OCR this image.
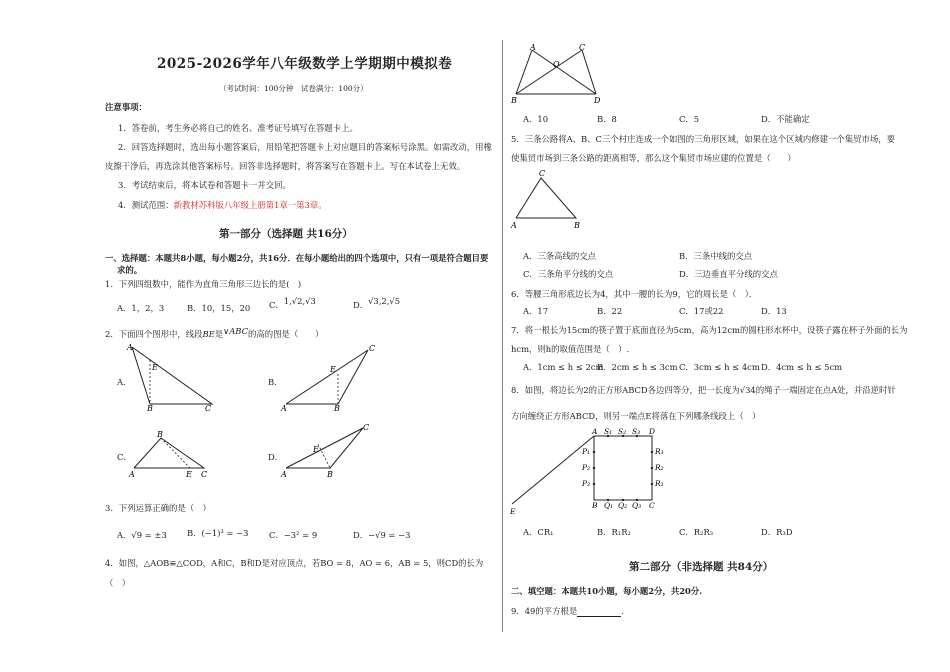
2025-2026学年八年级数学上学期期中模拟卷
（考试时间：100分钟　试卷满分：100分）
注意事项：
1．答卷前，考生务必将自己的姓名、准考证号填写在答题卡上。
2．回答选择题时，选出每小题答案后，用铅笔把答题卡上对应题目的答案标号涂黑。如需改动，用橡
皮擦干净后，再选涂其他答案标号。回答非选择题时，将答案写在答题卡上。写在本试卷上无效。
3．考试结束后，将本试卷和答题卡一并交回。
4．测试范围：新教材苏科版八年级上册第1章一第3章。
第一部分（选择题 共16分）
一、选择题：本题共8小题，每小题2分，共16分．在每小题给出的四个选项中，只有一项是符合题目要
求的。
1．下列四组数中，能作为直角三角形三边长的是(　)
A．1，2，3	B．10，15，20 C．1,√2,√3	D．√3,2,√5
2．下面四个图形中，线段BE是∨ABC的高的图是（　　）
A．
A
E
B	C
B．
A
E
B
C
C．
A
B
E C
D．
A
E
B
C
3．下列运算正确的是（　）
A．√9 = ±3 B．(−1)³ = −3 C．−3² = 9	D．−√9 = −3
4．如图，△AOB≌△COD，A和C，B和D是对应顶点，若BO = 8，AO = 6，AB = 5，则CD的长为
（　）
A	C
O
B	D
A．10	B．8	C．5	D．不能确定
5．三条公路将A、B、C三个村庄连成一个如图的三角形区域，如果在这个区域内修建一个集贸市场，要
使集贸市场到三条公路的距离相等，那么这个集贸市场应建的位置是（　　）
C
A	B
A．三条高线的交点	B．三条中线的交点
C．三条角平分线的交点	D．三边垂直平分线的交点
6．等腰三角形底边长为4，其中一腰的长为9，它的周长是（　）．
A．17	B．22	C．17或22	D．13
7．将一根长为15cm的筷子置于底面直径为5cm，高为12cm的圆柱形水杯中，设筷子露在杯子外面的长为
hcm，则h的取值范围是（　）.
A．1cm ≤ h ≤ 2cm
B．2cm ≤ h ≤ 3cm C．3cm ≤ h ≤ 4cm D．4cm ≤ h ≤ 5cm
8．如图，将边长为2的正方形ABCD各边四等分，把一长度为√34的绳子一端固定在点A处，并沿逆时针
方向缠绕正方形ABCD，则另一端点E将落在下列哪条线段上（　）
A S₁ S₂ S₃ D
P₁
P₂
P₃
R₃
R₂
R₁
B Q₁ Q₂ Q₃ C
E
A．CR₁	B．R₁R₂	C．R₂R₃	D．R₃D
第二部分（非选择题 共84分）
二、填空题：本题共10小题，每小题2分，共20分.
9．49的平方根是	.
